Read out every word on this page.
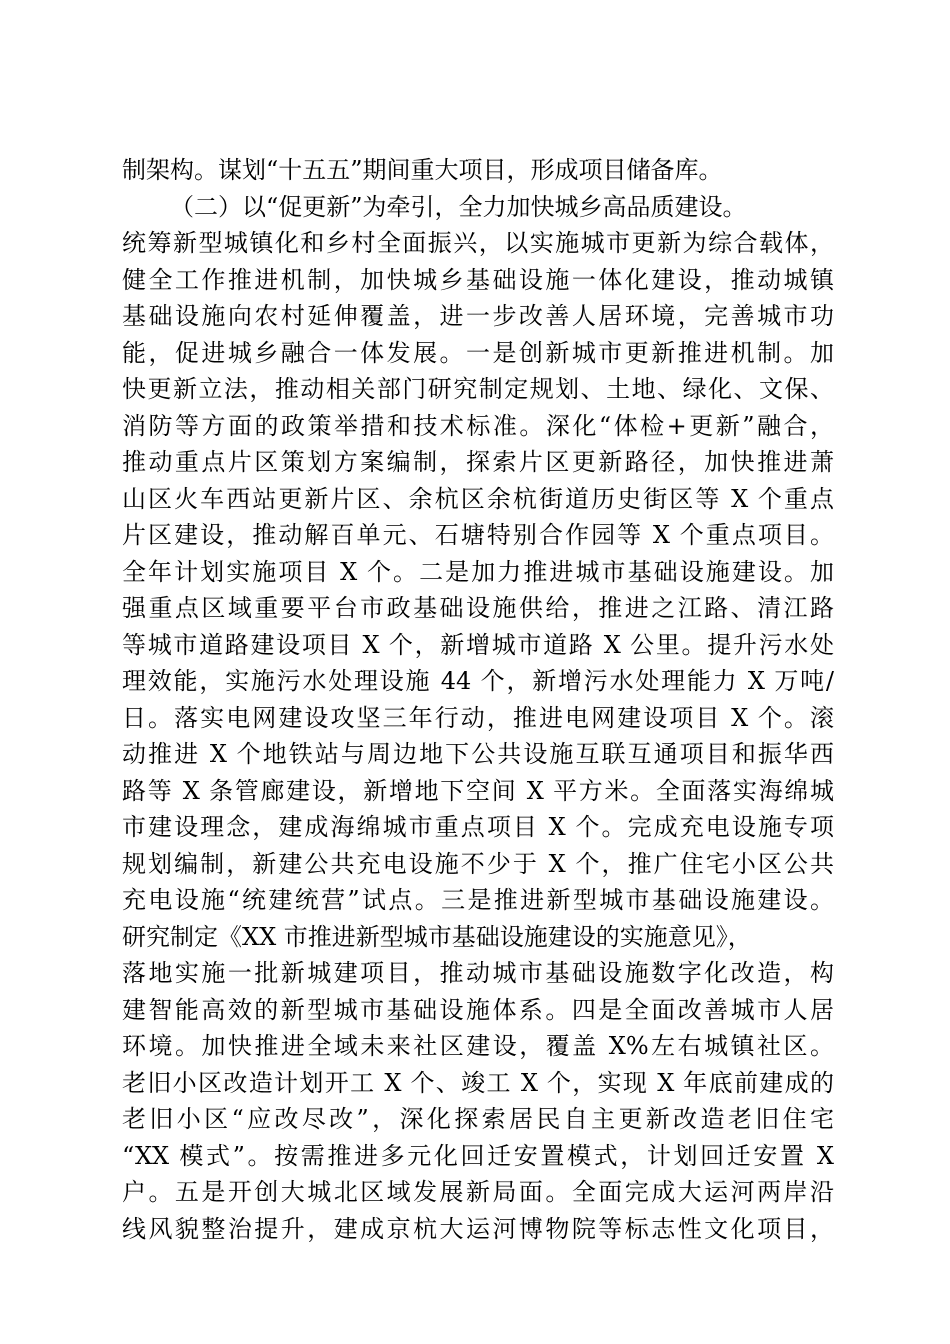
制架构。谋划“十五五”期间重大项目，形成项目储备库。
（二）以“促更新”为牵引，全力加快城乡高品质建设。
统筹新型城镇化和乡村全面振兴，以实施城市更新为综合载体，
健全工作推进机制，加快城乡基础设施一体化建设，推动城镇
基础设施向农村延伸覆盖，进一步改善人居环境，完善城市功
能，促进城乡融合一体发展。一是创新城市更新推进机制。加
快更新立法，推动相关部门研究制定规划、土地、绿化、文保、
消防等方面的政策举措和技术标准。深化“体检+更新”融合，
推动重点片区策划方案编制，探索片区更新路径，加快推进萧
山区火车西站更新片区、余杭区余杭街道历史街区等 X 个重点
片区建设，推动解百单元、石塘特别合作园等 X 个重点项目。
全年计划实施项目 X 个。二是加力推进城市基础设施建设。加
强重点区域重要平台市政基础设施供给，推进之江路、清江路
等城市道路建设项目 X 个，新增城市道路 X 公里。提升污水处
理效能，实施污水处理设施 44 个，新增污水处理能力 X 万吨/
日。落实电网建设攻坚三年行动，推进电网建设项目 X 个。滚
动推进 X 个地铁站与周边地下公共设施互联互通项目和振华西
路等 X 条管廊建设，新增地下空间 X 平方米。全面落实海绵城
市建设理念，建成海绵城市重点项目 X 个。完成充电设施专项
规划编制，新建公共充电设施不少于 X 个，推广住宅小区公共
充电设施“统建统营”试点。三是推进新型城市基础设施建设。
研究制定《XX 市推进新型城市基础设施建设的实施意见》，
落地实施一批新城建项目，推动城市基础设施数字化改造，构
建智能高效的新型城市基础设施体系。四是全面改善城市人居
环境。加快推进全域未来社区建设，覆盖 X%左右城镇社区。
老旧小区改造计划开工 X 个、竣工 X 个，实现 X 年底前建成的
老旧小区“应改尽改”，深化探索居民自主更新改造老旧住宅
“XX 模式”。按需推进多元化回迁安置模式，计划回迁安置 X
户。五是开创大城北区域发展新局面。全面完成大运河两岸沿
线风貌整治提升，建成京杭大运河博物院等标志性文化项目，
